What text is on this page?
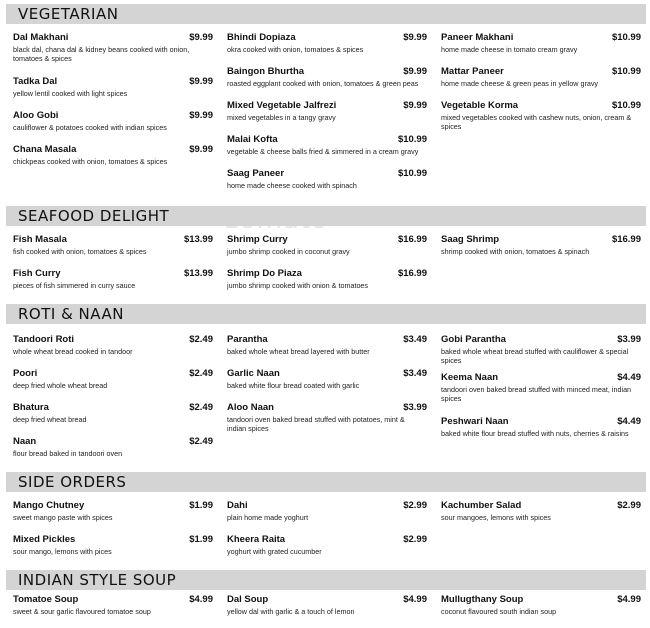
VEGETARIAN
Dal Makhani	$9.99
black dal, chana dal & kidney beans cooked with onion, tomatoes & spices
Tadka Dal	$9.99
yellow lentil cooked with light spices
Aloo Gobi	$9.99
cauliflower & potatoes cooked with indian spices
Chana Masala	$9.99
chickpeas cooked with onion, tomatoes & spices
Bhindi Dopiaza	$9.99
okra cooked with onion, tomatoes & spices
Baingon Bhurtha	$9.99
roasted eggplant cooked with onion, tomatoes & green peas
Mixed Vegetable Jalfrezi	$9.99
mixed vegetables in a tangy gravy
Malai Kofta	$10.99
vegetable & cheese balls fried & simmered in a cream gravy
Saag Paneer	$10.99
home made cheese cooked with spinach
Paneer Makhani	$10.99
home made cheese in tomato cream gravy
Mattar Paneer	$10.99
home made cheese & green peas in yellow gravy
Vegetable Korma	$10.99
mixed vegetables cooked with cashew nuts, onion, cream & spices
SEAFOOD DELIGHT
Fish Masala	$13.99
fish cooked with onion, tomatoes & spices
Fish Curry	$13.99
pieces of fish simmered in curry sauce
Shrimp Curry	$16.99
jumbo shrimp cooked in coconut gravy
Shrimp Do Piaza	$16.99
jumbo shrimp cooked with onion & tomatoes
Saag Shrimp	$16.99
shrimp cooked with onion, tomatoes & spinach
ROTI & NAAN
Tandoori Roti	$2.49
whole wheat bread cooked in tandoor
Poori	$2.49
deep fried whole wheat bread
Bhatura	$2.49
deep fried wheat bread
Naan	$2.49
flour bread baked in tandoori oven
Parantha	$3.49
baked whole wheat bread layered with butter
Garlic Naan	$3.49
baked white flour bread coated with garlic
Aloo Naan	$3.99
tandoori oven baked bread stuffed with potatoes, mint & indian spices
Gobi Parantha	$3.99
baked whole wheat bread stuffed with cauliflower & special spices
Keema Naan	$4.49
tandoori oven baked bread stuffed with minced meat, indian spices
Peshwari Naan	$4.49
baked white flour bread stuffed with nuts, cherries & raisins
SIDE ORDERS
Mango Chutney	$1.99
sweet mango paste with spices
Mixed Pickles	$1.99
sour mango, lemons with pices
Dahi	$2.99
plain home made yoghurt
Kheera Raita	$2.99
yoghurt with grated cucumber
Kachumber Salad	$2.99
sour mangoes, lemons with spices
INDIAN STYLE SOUP
Tomatoe Soup	$4.99
sweet & sour garlic flavoured tomatoe soup
Dal Soup	$4.99
yellow dal with garlic & a touch of lemon
Mullugthany Soup	$4.99
coconut flavoured south indian soup
